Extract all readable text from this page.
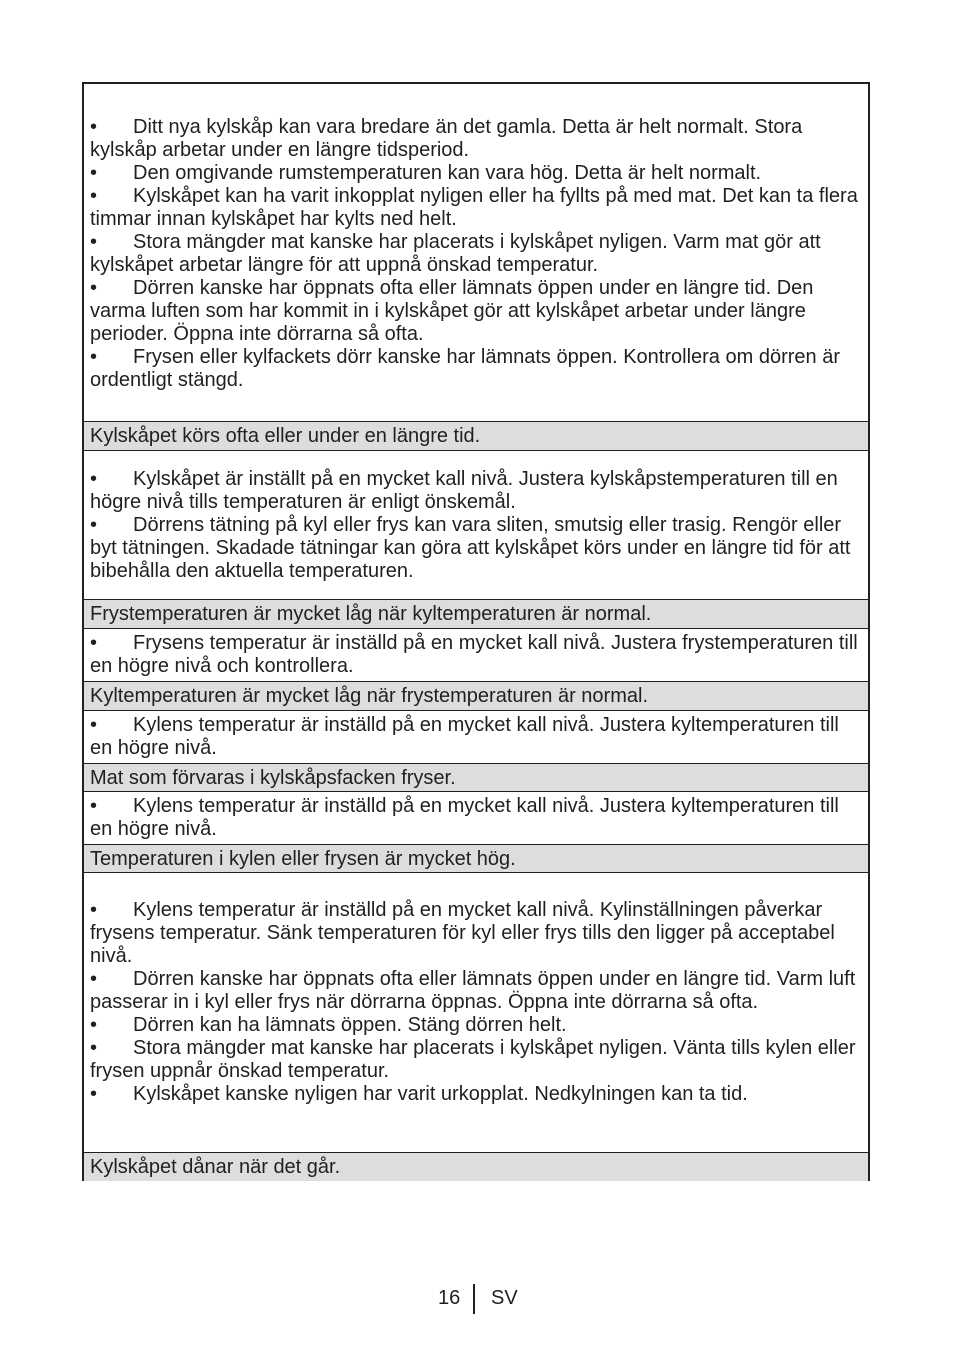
• Ditt nya kylskåp kan vara bredare än det gamla. Detta är helt normalt. Stora kylskåp arbetar under en längre tidsperiod.
• Den omgivande rumstemperaturen kan vara hög. Detta är helt normalt.
• Kylskåpet kan ha varit inkopplat nyligen eller ha fyllts på med mat. Det kan ta flera timmar innan kylskåpet har kylts ned helt.
• Stora mängder mat kanske har placerats i kylskåpet nyligen. Varm mat gör att kylskåpet arbetar längre för att uppnå önskad temperatur.
• Dörren kanske har öppnats ofta eller lämnats öppen under en längre tid. Den varma luften som har kommit in i kylskåpet gör att kylskåpet arbetar under längre perioder. Öppna inte dörrarna så ofta.
• Frysen eller kylfackets dörr kanske har lämnats öppen. Kontrollera om dörren är ordentligt stängd.
Kylskåpet körs ofta eller under en längre tid.
• Kylskåpet är inställt på en mycket kall nivå. Justera kylskåpstemperaturen till en högre nivå tills temperaturen är enligt önskemål.
• Dörrens tätning på kyl eller frys kan vara sliten, smutsig eller trasig. Rengör eller byt tätningen. Skadade tätningar kan göra att kylskåpet körs under en längre tid för att bibehålla den aktuella temperaturen.
Frystemperaturen är mycket låg när kyltemperaturen är normal.
• Frysens temperatur är inställd på en mycket kall nivå. Justera frystemperaturen till en högre nivå och kontrollera.
Kyltemperaturen är mycket låg när frystemperaturen är normal.
• Kylens temperatur är inställd på en mycket kall nivå. Justera kyltemperaturen till en högre nivå.
Mat som förvaras i kylskåpsfacken fryser.
• Kylens temperatur är inställd på en mycket kall nivå. Justera kyltemperaturen till en högre nivå.
Temperaturen i kylen eller frysen är mycket hög.
• Kylens temperatur är inställd på en mycket kall nivå. Kylinställningen påverkar frysens temperatur. Sänk temperaturen för kyl eller frys tills den ligger på acceptabel nivå.
• Dörren kanske har öppnats ofta eller lämnats öppen under en längre tid. Varm luft passerar in i kyl eller frys när dörrarna öppnas. Öppna inte dörrarna så ofta.
• Dörren kan ha lämnats öppen. Stäng dörren helt.
• Stora mängder mat kanske har placerats i kylskåpet nyligen. Vänta tills kylen eller frysen uppnår önskad temperatur.
• Kylskåpet kanske nyligen har varit urkopplat. Nedkylningen kan ta tid.
Kylskåpet dånar när det går.
16 SV
